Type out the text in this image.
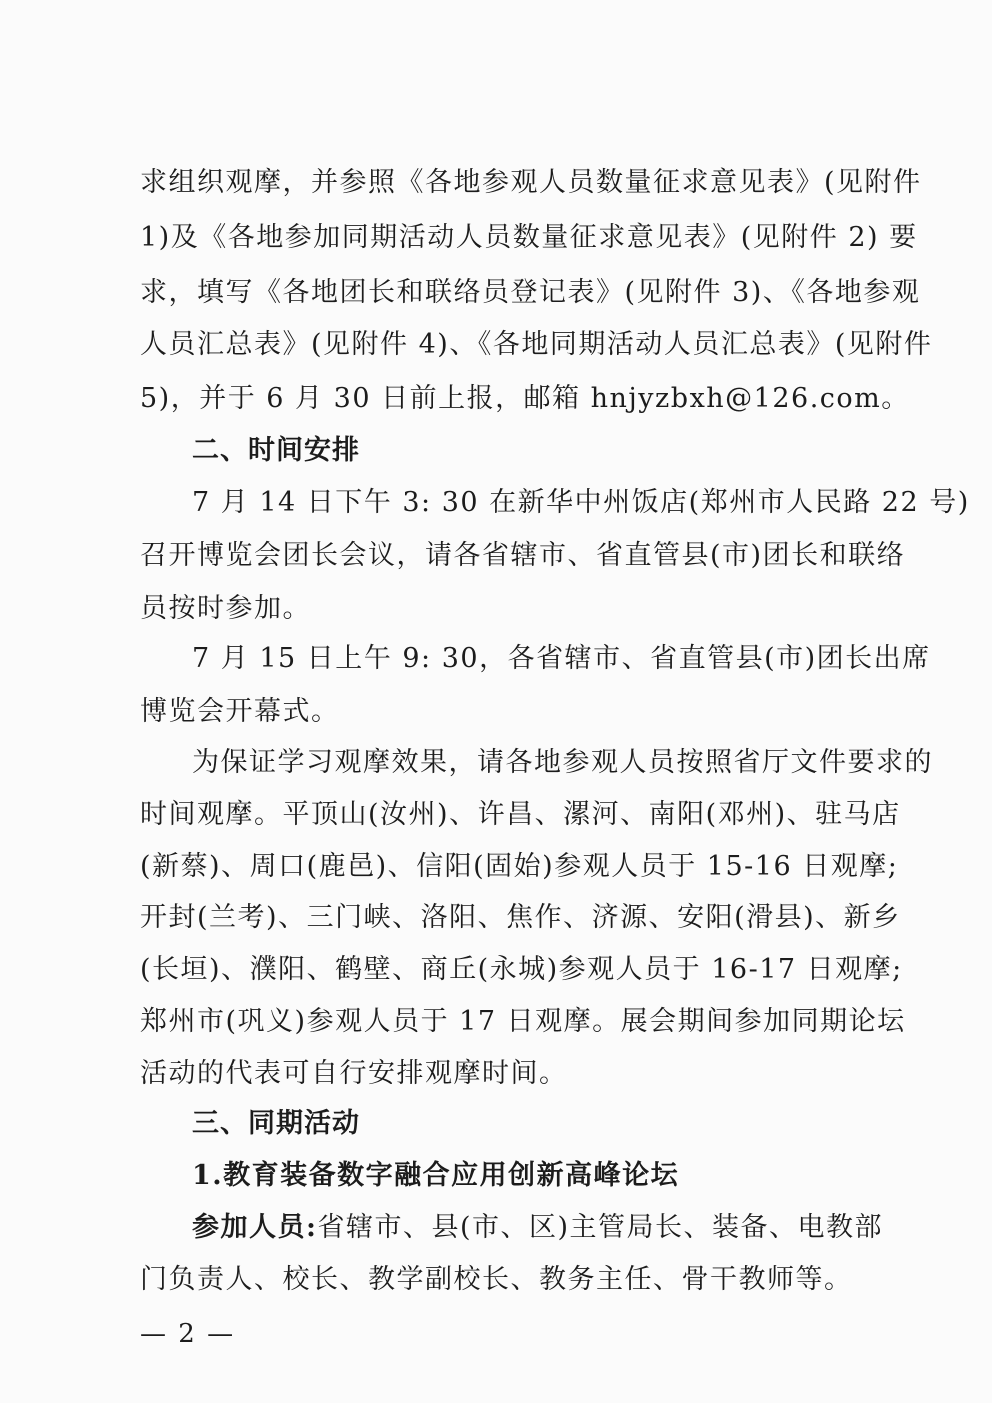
求组织观摩，并参照《各地参观人员数量征求意见表》(见附件
1)及《各地参加同期活动人员数量征求意见表》(见附件 2) 要
求，填写《各地团长和联络员登记表》(见附件 3)、《各地参观
人员汇总表》(见附件 4)、《各地同期活动人员汇总表》(见附件
5)，并于 6 月 30 日前上报，邮箱 hnjyzbxh@126.com。
二、时间安排
7 月 14 日下午 3: 30 在新华中州饭店(郑州市人民路 22 号)
召开博览会团长会议，请各省辖市、省直管县(市)团长和联络
员按时参加。
7 月 15 日上午 9: 30，各省辖市、省直管县(市)团长出席
博览会开幕式。
为保证学习观摩效果，请各地参观人员按照省厅文件要求的
时间观摩。平顶山(汝州)、许昌、漯河、南阳(邓州)、驻马店
(新蔡)、周口(鹿邑)、信阳(固始)参观人员于 15-16 日观摩;
开封(兰考)、三门峡、洛阳、焦作、济源、安阳(滑县)、新乡
(长垣)、濮阳、鹤壁、商丘(永城)参观人员于 16-17 日观摩;
郑州市(巩义)参观人员于 17 日观摩。展会期间参加同期论坛
活动的代表可自行安排观摩时间。
三、同期活动
1.教育装备数字融合应用创新高峰论坛
参加人员:省辖市、县(市、区)主管局长、装备、电教部
门负责人、校长、教学副校长、教务主任、骨干教师等。
— 2 —
